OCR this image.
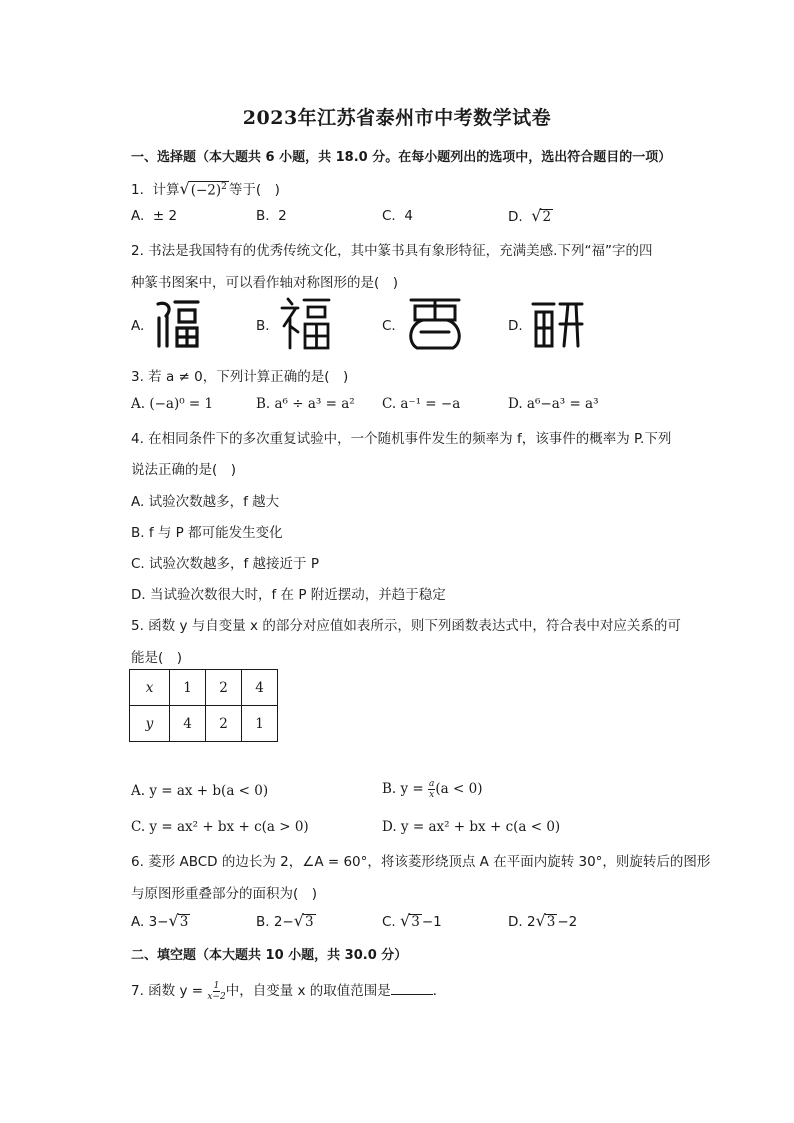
2023年江苏省泰州市中考数学试卷
一、选择题（本大题共 6 小题，共 18.0 分。在每小题列出的选项中，选出符合题目的一项）
1. 计算$√(-2)^2$ 等于(　)
A. ± 2	B. 2	C. 4	D. √2
2. 书法是我国特有的优秀传统文化，其中篆书具有象形特征，充满美感.下列“福”字的四
种篆书图案中，可以看作轴对称图形的是(　)
A.	B.	C.	D.
3. 若 a ≠ 0，下列计算正确的是(　)
A. (−a)⁰ = 1	B. a⁶ ÷ a³ = a² C. a⁻¹ = −a	D. a⁶−a³ = a³
4. 在相同条件下的多次重复试验中，一个随机事件发生的频率为 f，该事件的概率为 P.下列
说法正确的是(　)
A. 试验次数越多，f 越大
B. f 与 P 都可能发生变化
C. 试验次数越多，f 越接近于 P
D. 当试验次数很大时，f 在 P 附近摆动，并趋于稳定
5. 函数 y 与自变量 x 的部分对应值如表所示，则下列函数表达式中，符合表中对应关系的可
能是(　)
x	1	2	4
y	4	2	1
A. y = ax + b(a < 0)	B. $y = \frac{a}{x} (a < 0)$
C. y = ax² + bx + c(a > 0)	D. y = ax² + bx + c(a < 0)
6. 菱形 ABCD 的边长为 2，∠A = 60°，将该菱形绕顶点 A 在平面内旋转 30°，则旋转后的图形
与原图形重叠部分的面积为(　)
A. 3−√3	B. 2−√3	C. √3 −1	D. 2√3 −2
二、填空题（本大题共 10 小题，共 30.0 分）
7. 函数 $y = \frac{1}{x-2}$ 中，自变量 x 的取值范围是	．
